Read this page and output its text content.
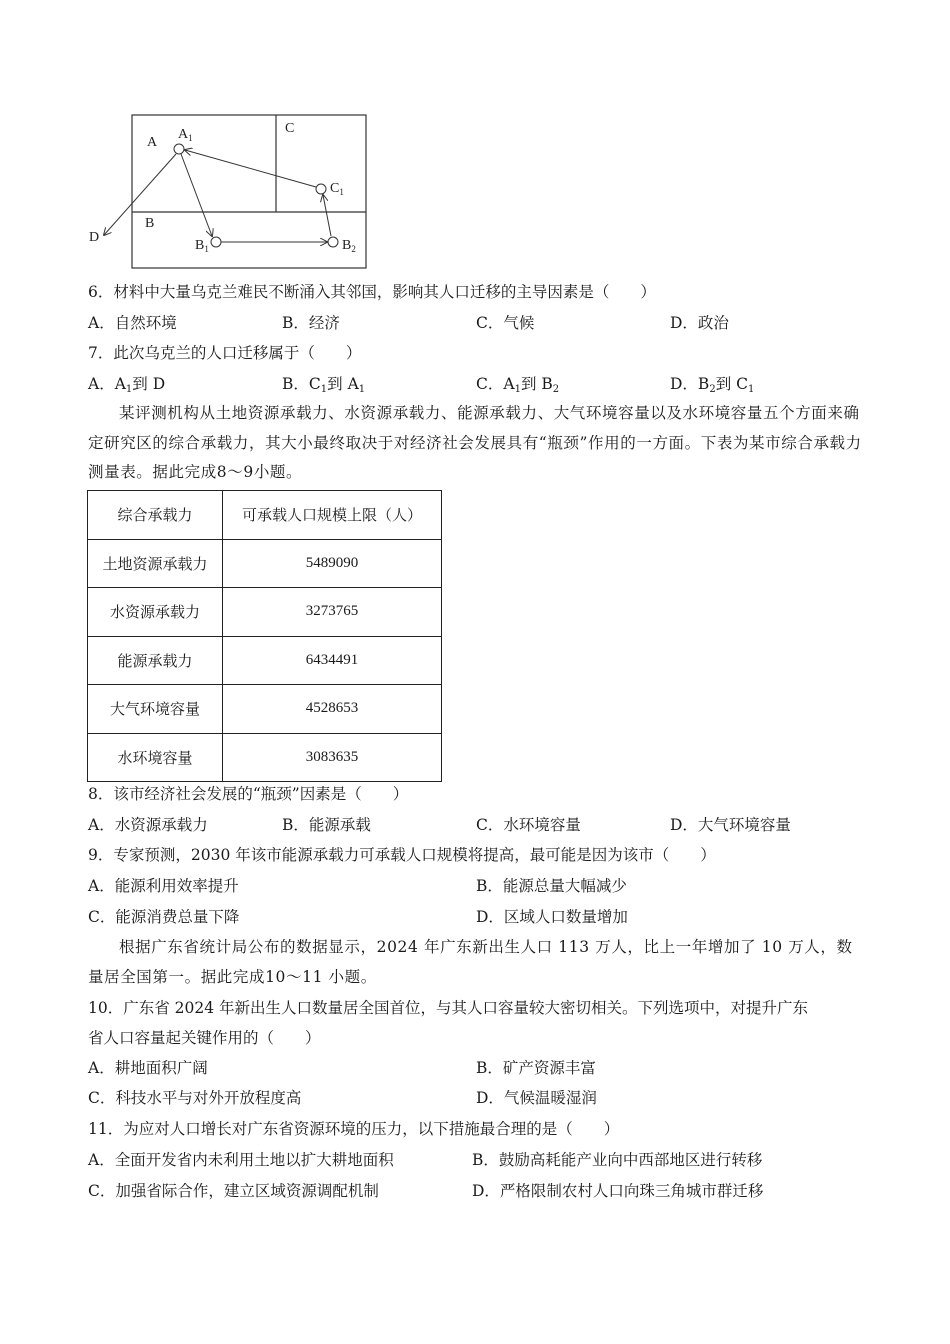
A
$A_1$
C
$C_1$
B
$B_1$	$B_2$
D
6．材料中大量乌克兰难民不断涌入其邻国，影响其人口迁移的主导因素是（　　）
A．自然环境	B．经济	C．气候	D．政治
7．此次乌克兰的人口迁移属于（　　）
A．$A_1$到 D	B．$C_1$到 $A_1$	C．$A_1$到 $B_2$	D．$B_2$到 $C_1$
某评测机构从土地资源承载力、水资源承载力、能源承载力、大气环境容量以及水环境容量五个方面来确定研究区的综合承载力，其大小最终取决于对经济社会发展具有“瓶颈”作用的一方面。下表为某市综合承载力测量表。据此完成8～9小题。
综合承载力	可承载人口规模上限（人）
土地资源承载力	5489090
水资源承载力	3273765
能源承载力	6434491
大气环境容量	4528653
水环境容量	3083635
8．该市经济社会发展的“瓶颈”因素是（　　）
A．水资源承载力	B．能源承载	C．水环境容量	D．大气环境容量
9．专家预测，2030 年该市能源承载力可承载人口规模将提高，最可能是因为该市（　　）
A．能源利用效率提升	B．能源总量大幅减少
C．能源消费总量下降	D．区域人口数量增加
根据广东省统计局公布的数据显示，2024 年广东新出生人口 113 万人，比上一年增加了 10 万人，数量居全国第一。据此完成10～11 小题。
10．广东省 2024 年新出生人口数量居全国首位，与其人口容量较大密切相关。下列选项中，对提升广东
省人口容量起关键作用的（　　）
A．耕地面积广阔	B．矿产资源丰富
C．科技水平与对外开放程度高	D．气候温暖湿润
11．为应对人口增长对广东省资源环境的压力，以下措施最合理的是（　　）
A．全面开发省内未利用土地以扩大耕地面积	B．鼓励高耗能产业向中西部地区进行转移
C．加强省际合作，建立区域资源调配机制	D．严格限制农村人口向珠三角城市群迁移
